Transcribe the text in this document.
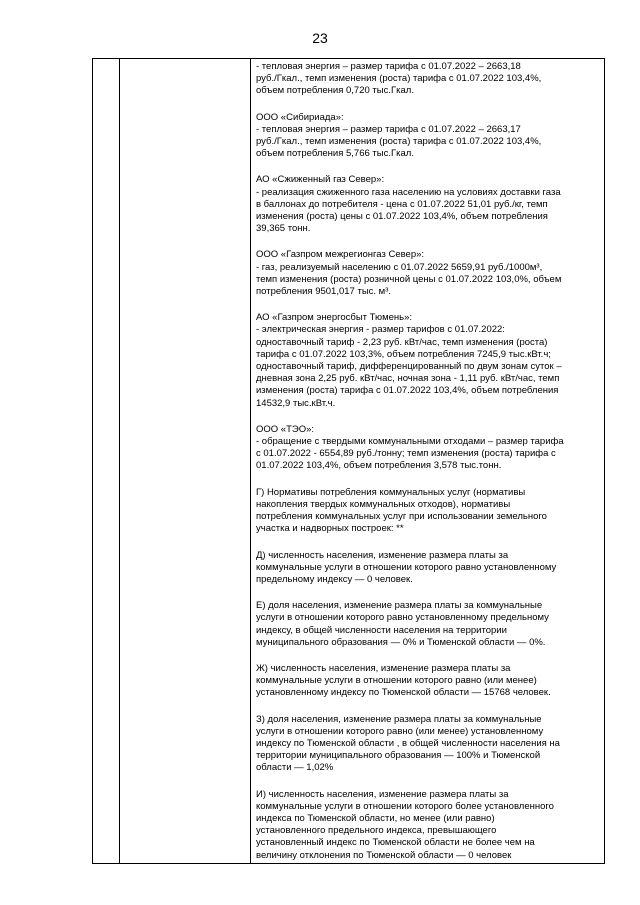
23

- тепловая энергия – размер тарифа с 01.07.2022 – 2663,18
руб./Гкал., темп изменения (роста) тарифа с 01.07.2022 103,4%,
объем потребления 0,720 тыс.Гкал.

ООО «Сибириада»:
- тепловая энергия – размер тарифа с 01.07.2022 – 2663,17
руб./Гкал., темп изменения (роста) тарифа с 01.07.2022 103,4%,
объем потребления 5,766 тыс.Гкал.

АО «Сжиженный газ Север»:
- реализация сжиженного газа населению на условиях доставки газа
в баллонах до потребителя - цена с 01.07.2022 51,01 руб./кг, темп
изменения (роста) цены с 01.07.2022 103,4%, объем потребления
39,365 тонн.

ООО «Газпром межрегионгаз Север»:
- газ, реализуемый населению с 01.07.2022 5659,91 руб./1000м³,
темп изменения (роста) розничной цены с 01.07.2022 103,0%, объем
потребления 9501,017 тыс. м³.

АО «Газпром энергосбыт Тюмень»:
- электрическая энергия - размер тарифов с 01.07.2022:
одноставочный тариф - 2,23 руб. кВт/час, темп изменения (роста)
тарифа с 01.07.2022 103,3%, объем потребления 7245,9 тыс.кВт.ч;
одноставочный тариф, дифференцированный по двум зонам суток –
дневная зона 2,25 руб. кВт/час, ночная зона - 1,11 руб. кВт/час, темп
изменения (роста) тарифа с 01.07.2022 103,4%, объем потребления
14532,9 тыс.кВт.ч.

ООО «ТЭО»:
- обращение с твердыми коммунальными отходами – размер тарифа
с 01.07.2022 - 6554,89 руб./тонну; темп изменения (роста) тарифа с
01.07.2022 103,4%, объем потребления 3,578 тыс.тонн.

Г) Нормативы потребления коммунальных услуг (нормативы
накопления твердых коммунальных отходов), нормативы
потребления коммунальных услуг при использовании земельного
участка и надворных построек: **

Д) численность населения, изменение размера платы за
коммунальные услуги в отношении которого равно установленному
предельному индексу — 0 человек.

Е) доля населения, изменение размера платы за коммунальные
услуги в отношении которого равно установленному предельному
индексу, в общей численности населения на территории
муниципального образования — 0% и Тюменской области — 0%.

Ж) численность населения, изменение размера платы за
коммунальные услуги в отношении которого равно (или менее)
установленному индексу по Тюменской области — 15768 человек.

З) доля населения, изменение размера платы за коммунальные
услуги в отношении которого равно (или менее) установленному
индексу по Тюменской области , в общей численности населения на
территории муниципального образования — 100% и Тюменской
области — 1,02%

И) численность населения, изменение размера платы за
коммунальные услуги в отношении которого более установленного
индекса по Тюменской области, но менее (или равно)
установленного предельного индекса, превышающего
установленный индекс по Тюменской области не более чем на
величину отклонения по Тюменской области — 0 человек
